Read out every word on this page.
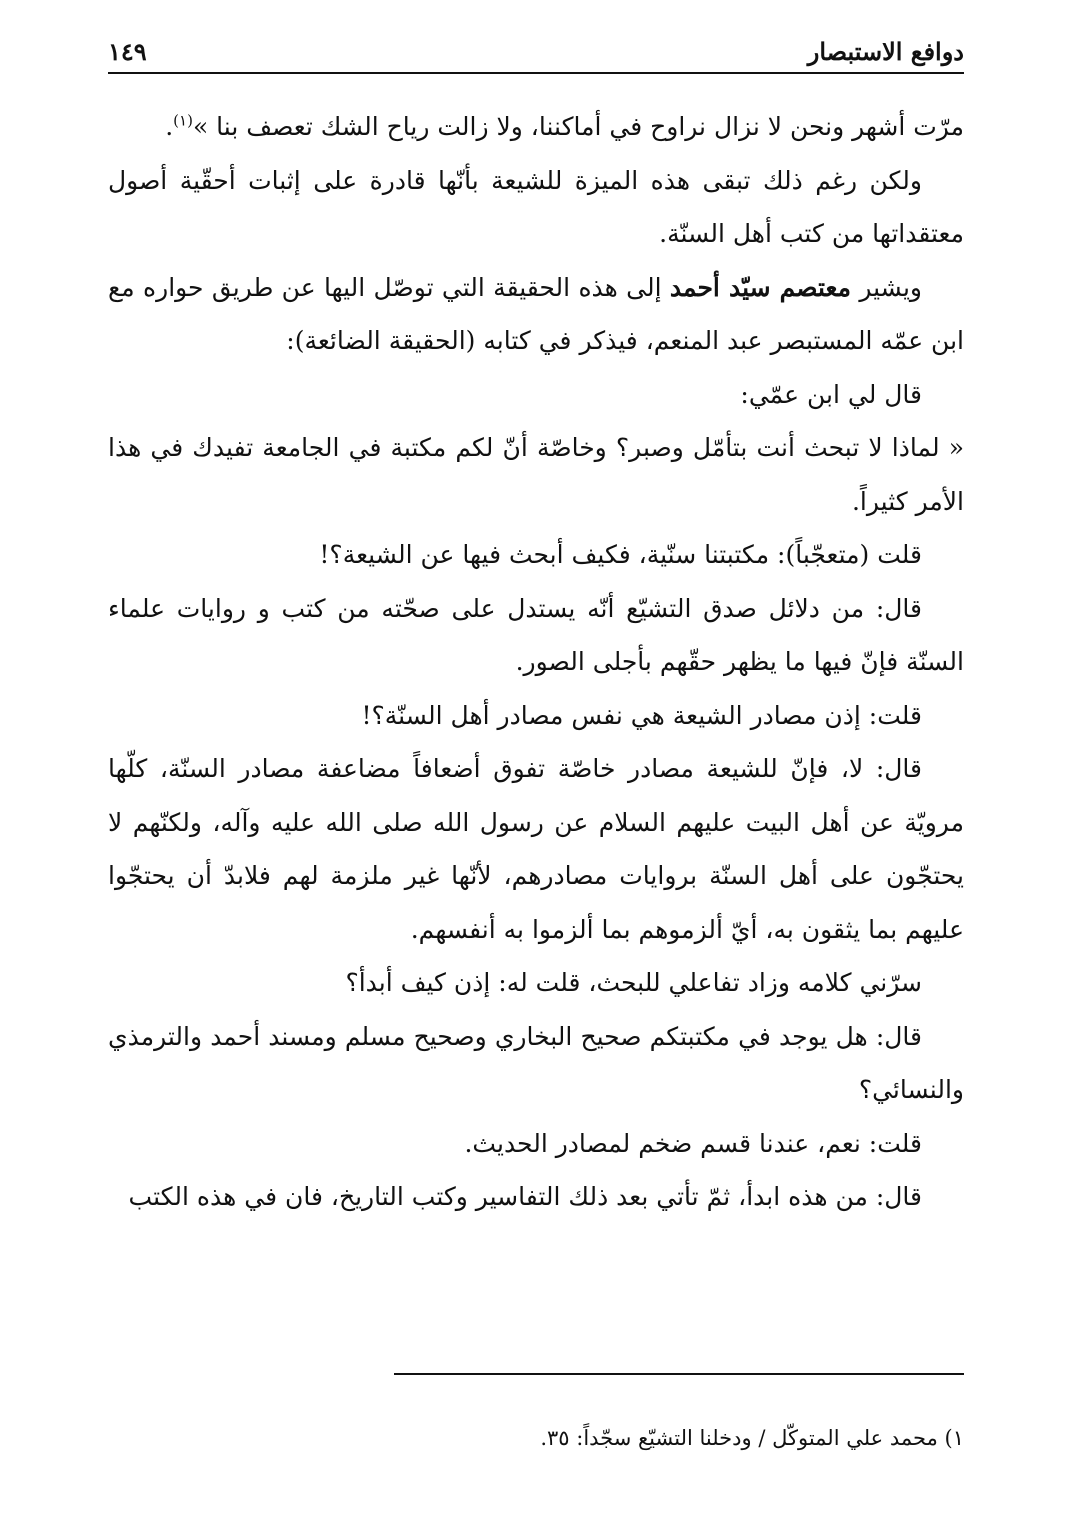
١٤٩	دوافع الاستبصار

مرّت أشهر ونحن لا نزال نراوح في أماكننا، ولا زالت رياح الشك تعصف بنا »$^{(١)}$.

ولكن رغم ذلك تبقى هذه الميزة للشيعة بأنّها قادرة على إثبات أحقّية أصول معتقداتها من كتب أهل السنّة.

ويشير معتصم سيّد أحمد إلى هذه الحقيقة التي توصّل اليها عن طريق حواره مع ابن عمّه المستبصر عبد المنعم، فيذكر في كتابه (الحقيقة الضائعة):

قال لي ابن عمّي:

« لماذا لا تبحث أنت بتأمّل وصبر؟ وخاصّة أنّ لكم مكتبة في الجامعة تفيدك في هذا الأمر كثيراً.

قلت (متعجّباً): مكتبتنا سنّية، فكيف أبحث فيها عن الشيعة؟!

قال: من دلائل صدق التشيّع أنّه يستدل على صحّته من كتب و روايات علماء السنّة فإنّ فيها ما يظهر حقّهم بأجلى الصور.

قلت: إذن مصادر الشيعة هي نفس مصادر أهل السنّة؟!

قال: لا، فإنّ للشيعة مصادر خاصّة تفوق أضعافاً مضاعفة مصادر السنّة، كلّها مرويّة عن أهل البيت عليهم السلام عن رسول الله صلى الله عليه وآله، ولكنّهم لا يحتجّون على أهل السنّة بروايات مصادرهم، لأنّها غير ملزمة لهم فلابدّ أن يحتجّوا عليهم بما يثقون به، أيّ ألزموهم بما ألزموا به أنفسهم.

سرّني كلامه وزاد تفاعلي للبحث، قلت له: إذن كيف أبدأ؟

قال: هل يوجد في مكتبتكم صحيح البخاري وصحيح مسلم ومسند أحمد والترمذي والنسائي؟

قلت: نعم، عندنا قسم ضخم لمصادر الحديث.

قال: من هذه ابدأ، ثمّ تأتي بعد ذلك التفاسير وكتب التاريخ، فان في هذه الكتب

١) محمد علي المتوكّل / ودخلنا التشيّع سجّداً: ٣٥.
